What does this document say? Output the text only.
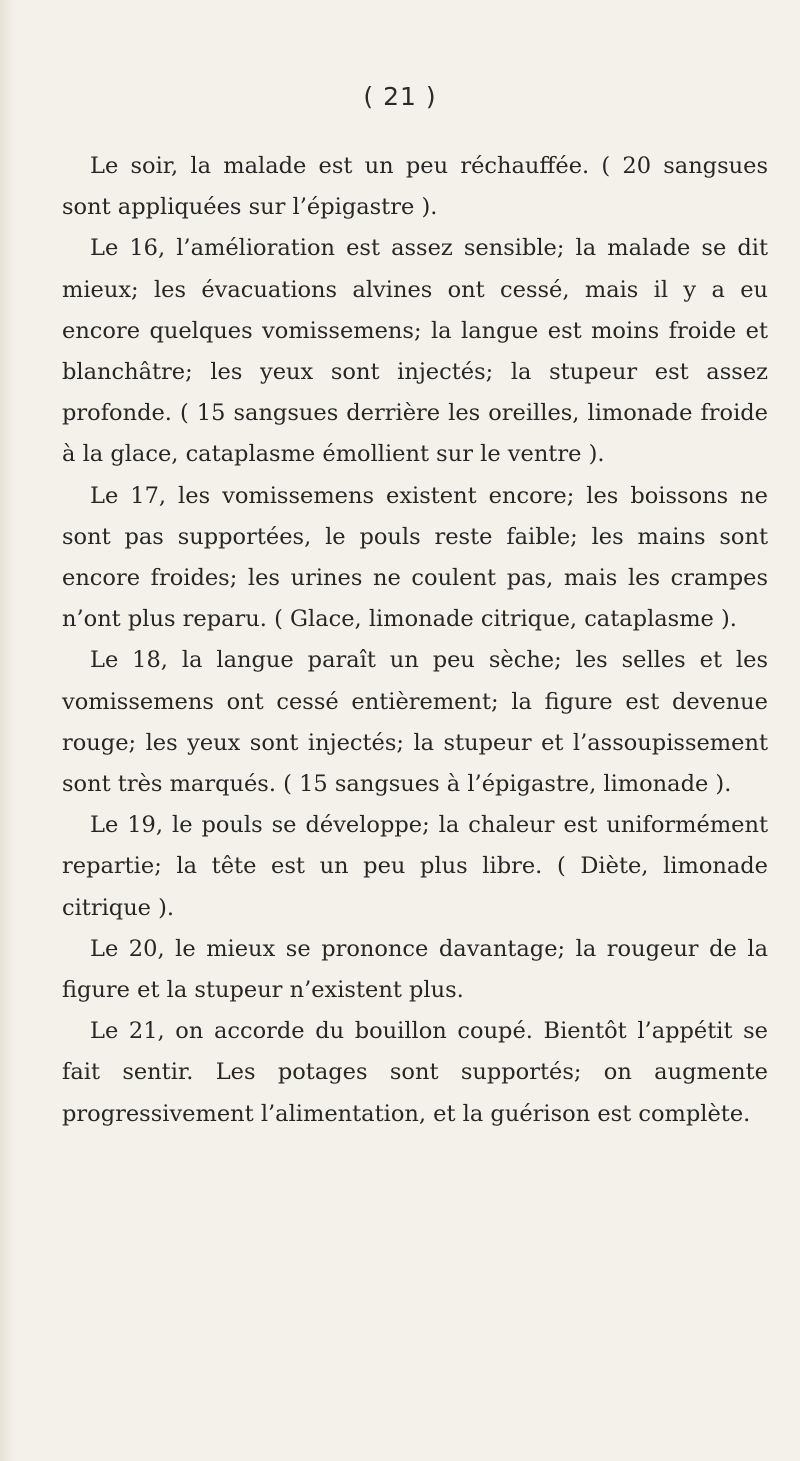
( 21 )

Le soir, la malade est un peu réchauffée. ( 20 sangsues sont appliquées sur l’épigastre ).

Le 16, l’amélioration est assez sensible; la malade se dit mieux; les évacuations alvines ont cessé, mais il y a eu encore quelques vomissemens; la langue est moins froide et blanchâtre; les yeux sont injectés; la stupeur est assez profonde. ( 15 sangsues derrière les oreilles, limonade froide à la glace, cataplasme émollient sur le ventre ).

Le 17, les vomissemens existent encore; les boissons ne sont pas supportées, le pouls reste faible; les mains sont encore froides; les urines ne coulent pas, mais les crampes n’ont plus reparu. ( Glace, limonade citrique, cataplasme ).

Le 18, la langue paraît un peu sèche; les selles et les vomissemens ont cessé entièrement; la figure est devenue rouge; les yeux sont injectés; la stupeur et l’assoupissement sont très marqués. ( 15 sangsues à l’épigastre, limonade ).

Le 19, le pouls se développe; la chaleur est uniformément repartie; la tête est un peu plus libre. ( Diète, limonade citrique ).

Le 20, le mieux se prononce davantage; la rougeur de la figure et la stupeur n’existent plus.

Le 21, on accorde du bouillon coupé. Bientôt l’appétit se fait sentir. Les potages sont supportés; on augmente progressivement l’alimentation, et la guérison est complète.
